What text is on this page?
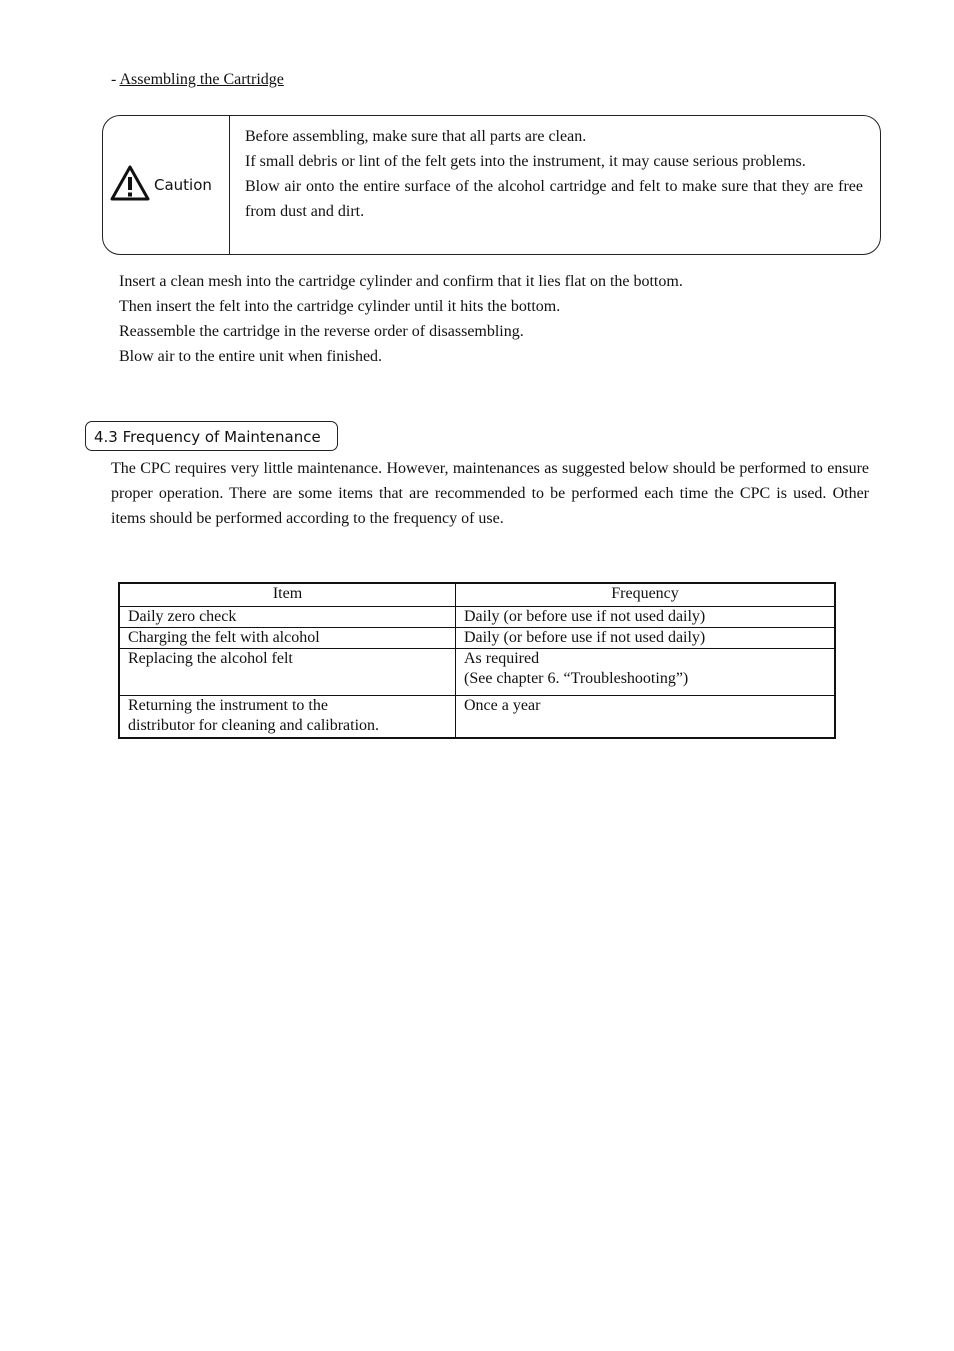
- Assembling the Cartridge
Caution

Before assembling, make sure that all parts are clean.

If small debris or lint of the felt gets into the instrument, it may cause serious problems.

Blow air onto the entire surface of the alcohol cartridge and felt to make sure that they are free from dust and dirt.

Insert a clean mesh into the cartridge cylinder and confirm that it lies flat on the bottom.

Then insert the felt into the cartridge cylinder until it hits the bottom.

Reassemble the cartridge in the reverse order of disassembling.

Blow air to the entire unit when finished.

4.3 Frequency of Maintenance

The CPC requires very little maintenance. However, maintenances as suggested below should be performed to ensure proper operation. There are some items that are recommended to be performed each time the CPC is used. Other items should be performed according to the frequency of use.

Item	Frequency

Daily zero check	Daily (or before use if not used daily)

Charging the felt with alcohol	Daily (or before use if not used daily)

Replacing the alcohol felt	As required
(See chapter 6. “Troubleshooting”)

Returning the instrument to the
distributor for cleaning and calibration.	Once a year
